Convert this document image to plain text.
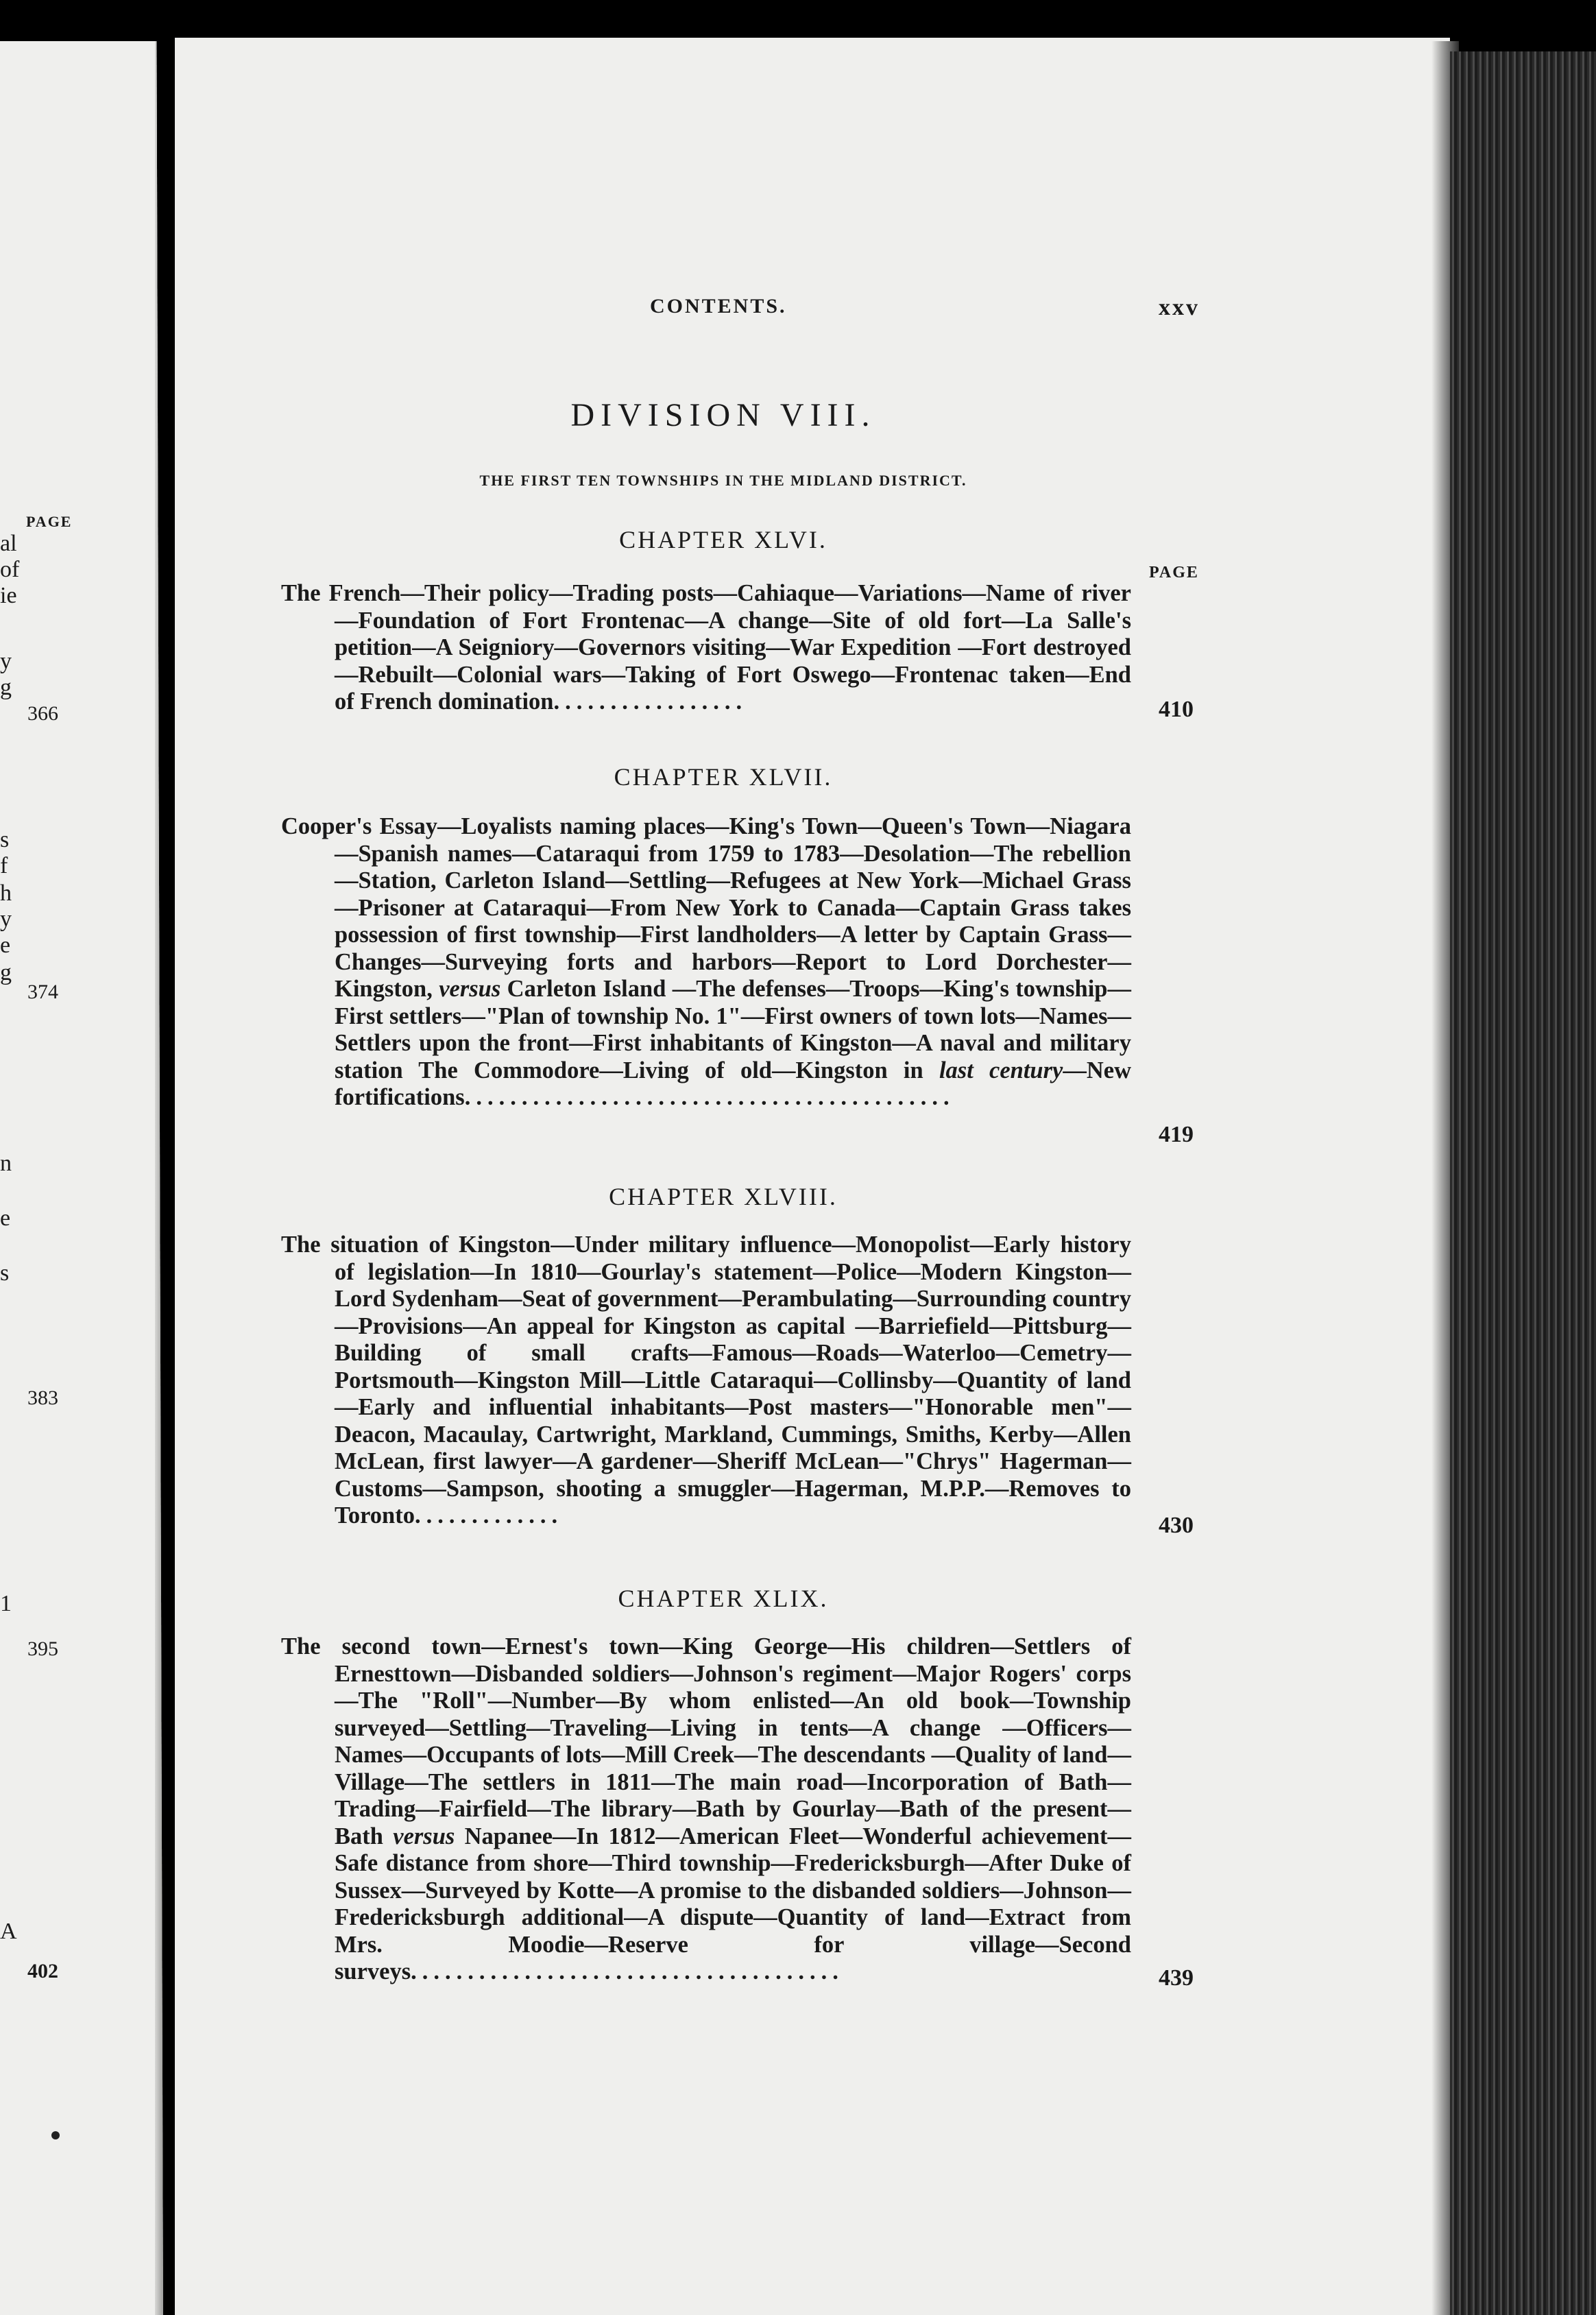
PAGE
al
of
ie
y
g
s
f
h
y
e
g
n
e
s
1
A
366
374
383
395
402
CONTENTS.	xxv
DIVISION VIII.
THE FIRST TEN TOWNSHIPS IN THE MIDLAND DISTRICT.
PAGE
CHAPTER XLVI.
The French—Their policy—Trading posts—Cahiaque—Variations—Name of river—Foundation of Fort Frontenac—A change—Site of old fort—La Salle's petition—A Seigniory—Governors visiting—War Expedition —Fort destroyed—Rebuilt—Colonial wars—Taking of Fort Oswego—Frontenac taken—End of French domination.................	410
CHAPTER XLVII.
Cooper's Essay—Loyalists naming places—King's Town—Queen's Town—Niagara—Spanish names—Cataraqui from 1759 to 1783—Desolation—The rebellion—Station, Carleton Island—Settling—Refugees at New York—Michael Grass—Prisoner at Cataraqui—From New York to Canada—Captain Grass takes possession of first township—First landholders—A letter by Captain Grass—Changes—Surveying forts and harbors—Report to Lord Dorchester—Kingston, versus Carleton Island —The defenses—Troops—King's township—First settlers—"Plan of township No. 1"—First owners of town lots—Names—Settlers upon the front—First inhabitants of Kingston—A naval and military station The Commodore—Living of old—Kingston in last century—New fortifications...........................................
419
CHAPTER XLVIII.
The situation of Kingston—Under military influence—Monopolist—Early history of legislation—In 1810—Gourlay's statement—Police—Modern Kingston—Lord Sydenham—Seat of government—Perambulating—Surrounding country—Provisions—An appeal for Kingston as capital —Barriefield—Pittsburg—Building of small crafts—Famous—Roads—Waterloo—Cemetry—Portsmouth—Kingston Mill—Little Cataraqui—Collinsby—Quantity of land—Early and influential inhabitants—Post masters—"Honorable men"—Deacon, Macaulay, Cartwright, Markland, Cummings, Smiths, Kerby—Allen McLean, first lawyer—A gardener—Sheriff McLean—"Chrys" Hagerman—Customs—Sampson, shooting a smuggler—Hagerman, M.P.P.—Removes to Toronto.............	430
CHAPTER XLIX.
The second town—Ernest's town—King George—His children—Settlers of Ernesttown—Disbanded soldiers—Johnson's regiment—Major Rogers' corps—The "Roll"—Number—By whom enlisted—An old book—Township surveyed—Settling—Traveling—Living in tents—A change —Officers—Names—Occupants of lots—Mill Creek—The descendants —Quality of land—Village—The settlers in 1811—The main road—Incorporation of Bath—Trading—Fairfield—The library—Bath by Gourlay—Bath of the present—Bath versus Napanee—In 1812—American Fleet—Wonderful achievement—Safe distance from shore—Third township—Fredericksburgh—After Duke of Sussex—Surveyed by Kotte—A promise to the disbanded soldiers—Johnson—Fredericksburgh additional—A dispute—Quantity of land—Extract from Mrs. Moodie—Reserve for village—Second surveys......................................	439
